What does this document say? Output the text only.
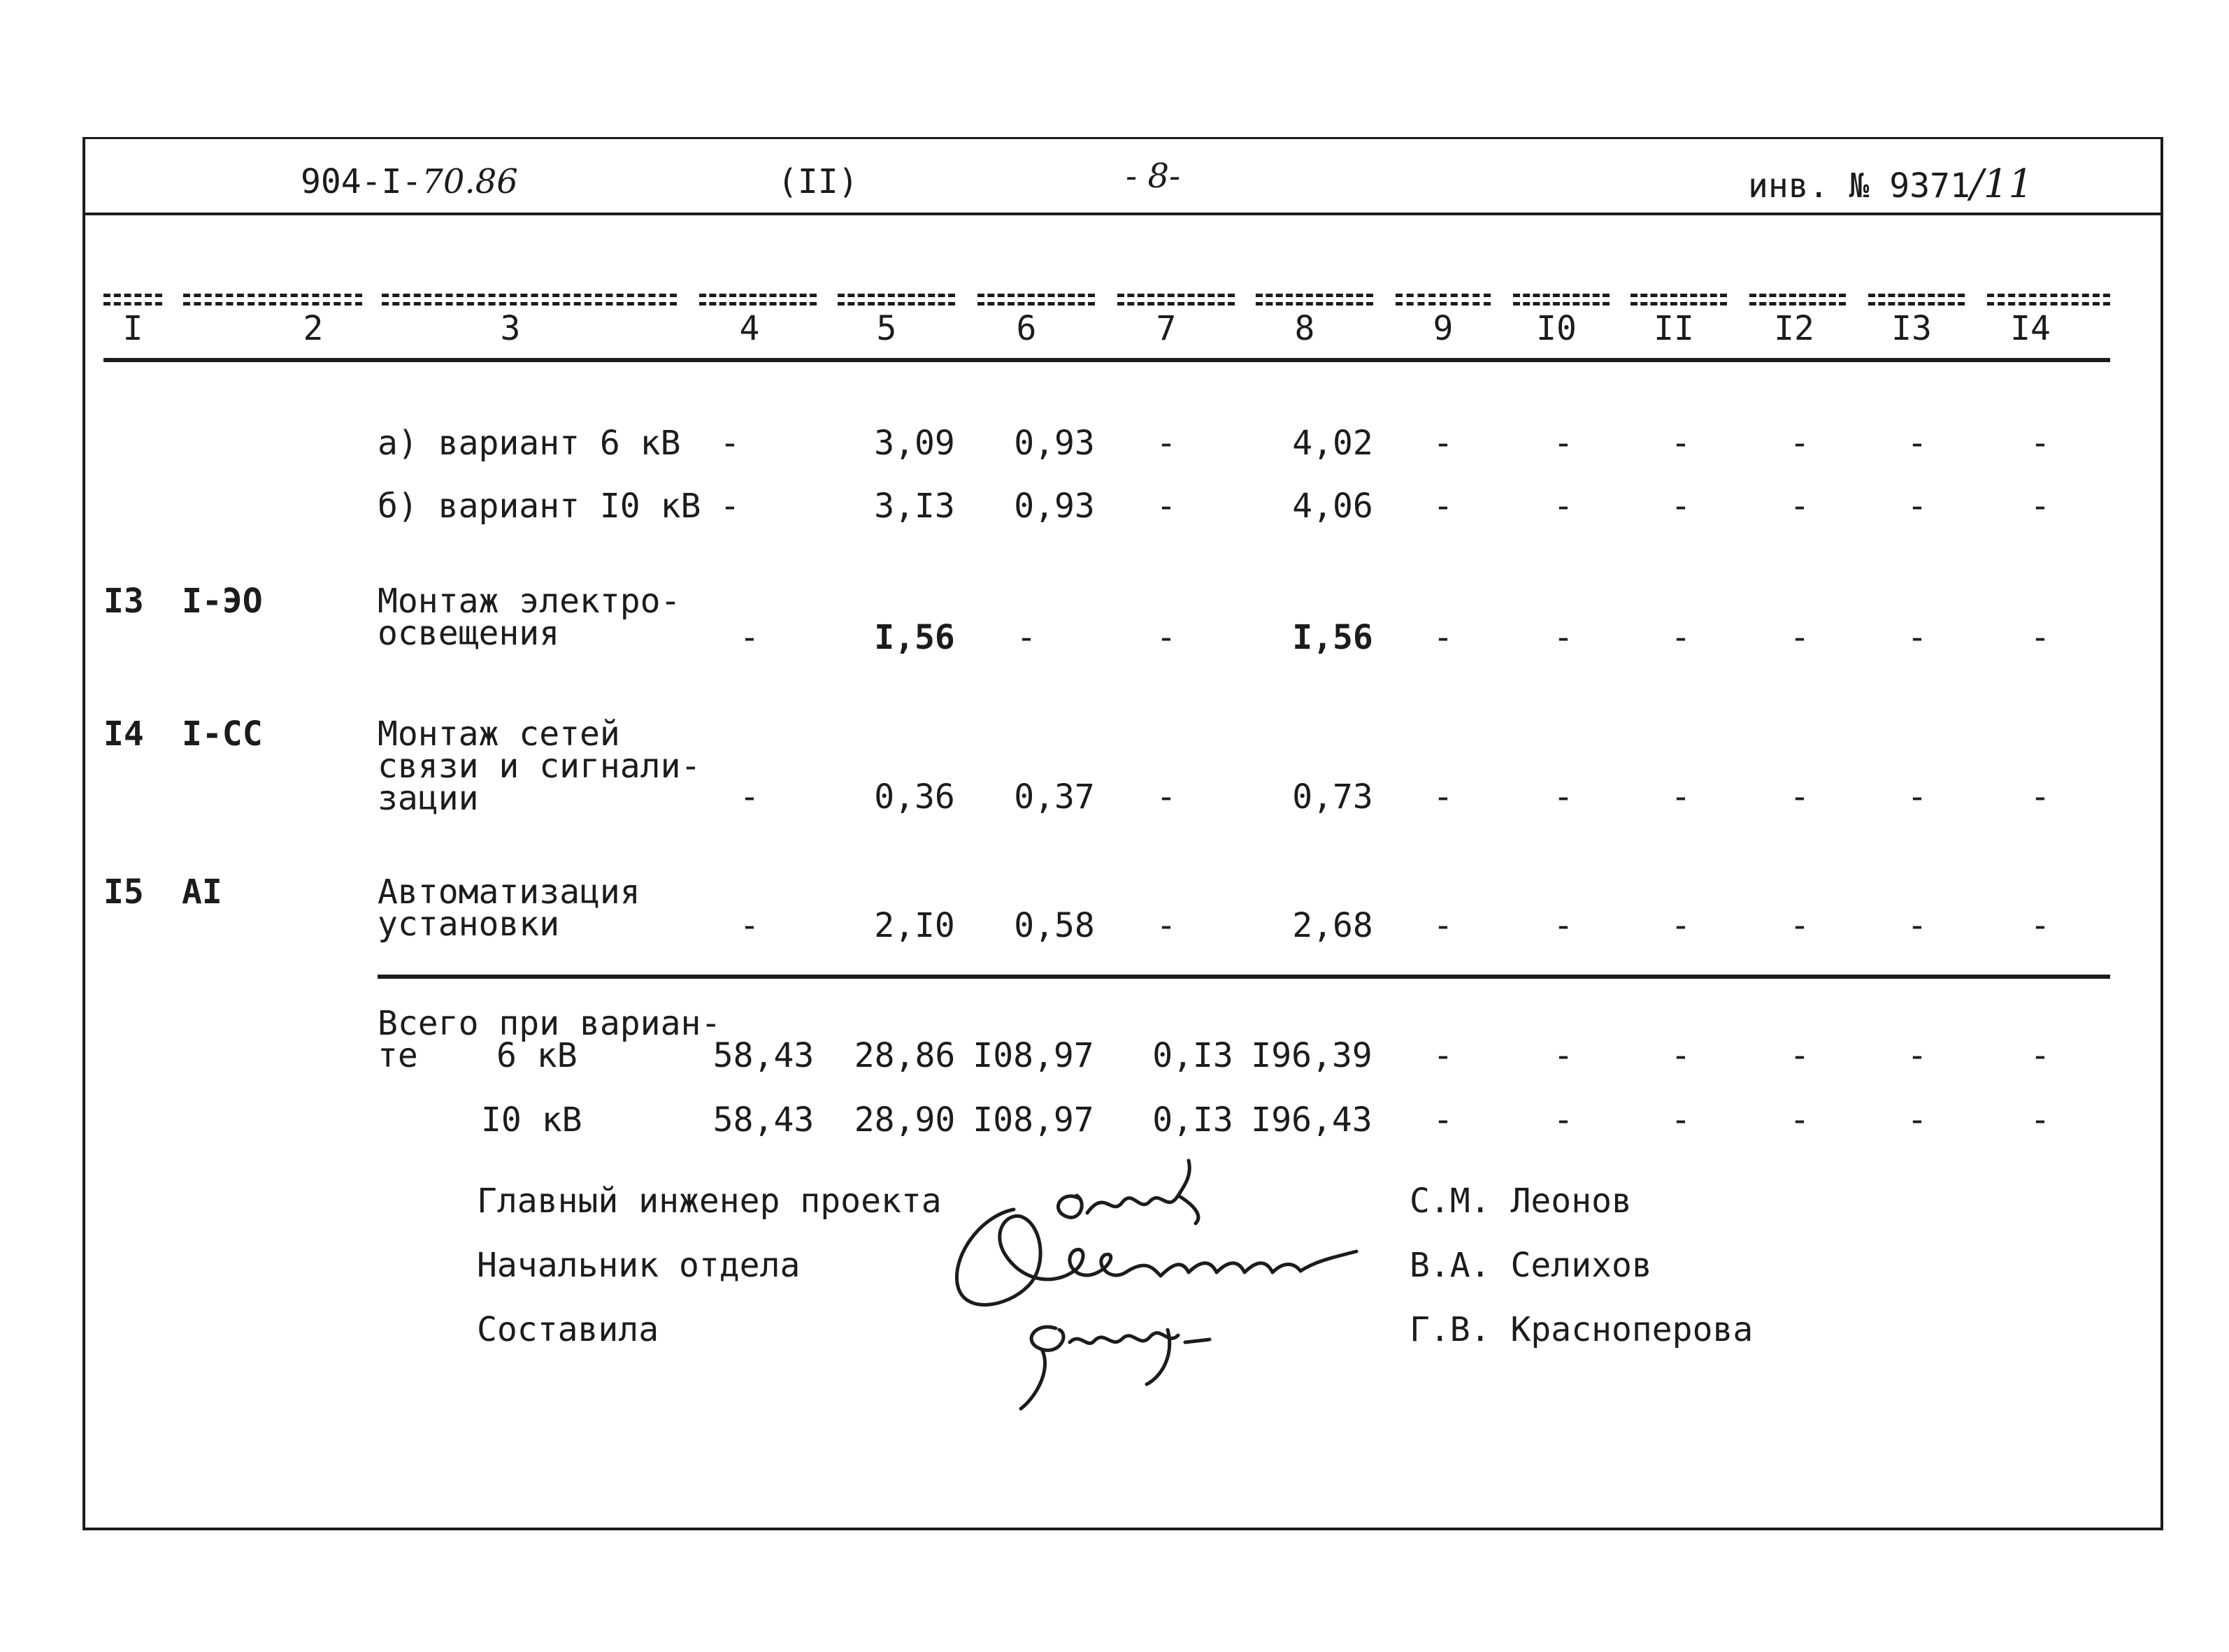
904-I-70.86	(II)	- 8-	инв. № 9371/11
I	2	3	4	5	6	7	8	9 I0 II I2 I3 I4
а) вариант 6 кВ -	3,09 0,93 -	4,02 -	-	-	-	-	-
б) вариант I0 кВ -	3,I3 0,93 -	4,06 -	-	-	-	-	-
I3 I-ЭО	Монтаж электро-
освещения	-	I,56 -	-	I,56 -	-	-	-	-	-
I4 I-СС	Монтаж сетей
связи и сигнали-
зации	-	0,36 0,37 -	0,73 -	-	-	-	-	-
I5 АI	Автоматизация
установки	-	2,I0 0,58 -	2,68 -	-	-	-	-	-
Всего при вариан-
те 6 кВ	58,43 28,86 I08,97 0,I3 I96,39 -	-	-	-	-	-
I0 кВ	58,43 28,90 I08,97 0,I3 I96,43 -	-	-	-	-	-
Главный инженер проекта	С.М. Леонов
Начальник отдела	В.А. Селихов
Составила	Г.В. Красноперова
